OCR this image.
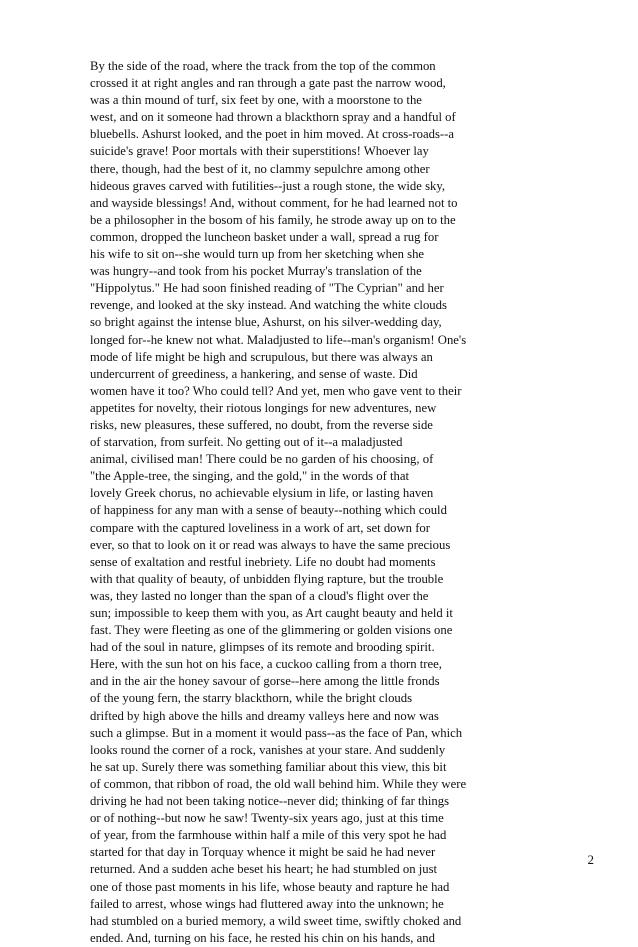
By the side of the road, where the track from the top of the common
crossed it at right angles and ran through a gate past the narrow wood,
was a thin mound of turf, six feet by one, with a moorstone to the
west, and on it someone had thrown a blackthorn spray and a handful of
bluebells. Ashurst looked, and the poet in him moved. At cross-roads--a
suicide's grave! Poor mortals with their superstitions! Whoever lay
there, though, had the best of it, no clammy sepulchre among other
hideous graves carved with futilities--just a rough stone, the wide sky,
and wayside blessings! And, without comment, for he had learned not to
be a philosopher in the bosom of his family, he strode away up on to the
common, dropped the luncheon basket under a wall, spread a rug for
his wife to sit on--she would turn up from her sketching when she
was hungry--and took from his pocket Murray's translation of the
"Hippolytus." He had soon finished reading of "The Cyprian" and her
revenge, and looked at the sky instead. And watching the white clouds
so bright against the intense blue, Ashurst, on his silver-wedding day,
longed for--he knew not what. Maladjusted to life--man's organism! One's
mode of life might be high and scrupulous, but there was always an
undercurrent of greediness, a hankering, and sense of waste. Did
women have it too? Who could tell? And yet, men who gave vent to their
appetites for novelty, their riotous longings for new adventures, new
risks, new pleasures, these suffered, no doubt, from the reverse side
of starvation, from surfeit. No getting out of it--a maladjusted
animal, civilised man! There could be no garden of his choosing, of
"the Apple-tree, the singing, and the gold," in the words of that
lovely Greek chorus, no achievable elysium in life, or lasting haven
of happiness for any man with a sense of beauty--nothing which could
compare with the captured loveliness in a work of art, set down for
ever, so that to look on it or read was always to have the same precious
sense of exaltation and restful inebriety. Life no doubt had moments
with that quality of beauty, of unbidden flying rapture, but the trouble
was, they lasted no longer than the span of a cloud's flight over the
sun; impossible to keep them with you, as Art caught beauty and held it
fast. They were fleeting as one of the glimmering or golden visions one
had of the soul in nature, glimpses of its remote and brooding spirit.
Here, with the sun hot on his face, a cuckoo calling from a thorn tree,
and in the air the honey savour of gorse--here among the little fronds
of the young fern, the starry blackthorn, while the bright clouds
drifted by high above the hills and dreamy valleys here and now was
such a glimpse. But in a moment it would pass--as the face of Pan, which
looks round the corner of a rock, vanishes at your stare. And suddenly
he sat up. Surely there was something familiar about this view, this bit
of common, that ribbon of road, the old wall behind him. While they were
driving he had not been taking notice--never did; thinking of far things
or of nothing--but now he saw! Twenty-six years ago, just at this time
of year, from the farmhouse within half a mile of this very spot he had
started for that day in Torquay whence it might be said he had never
returned. And a sudden ache beset his heart; he had stumbled on just
one of those past moments in his life, whose beauty and rapture he had
failed to arrest, whose wings had fluttered away into the unknown; he
had stumbled on a buried memory, a wild sweet time, swiftly choked and
ended. And, turning on his face, he rested his chin on his hands, and
2
